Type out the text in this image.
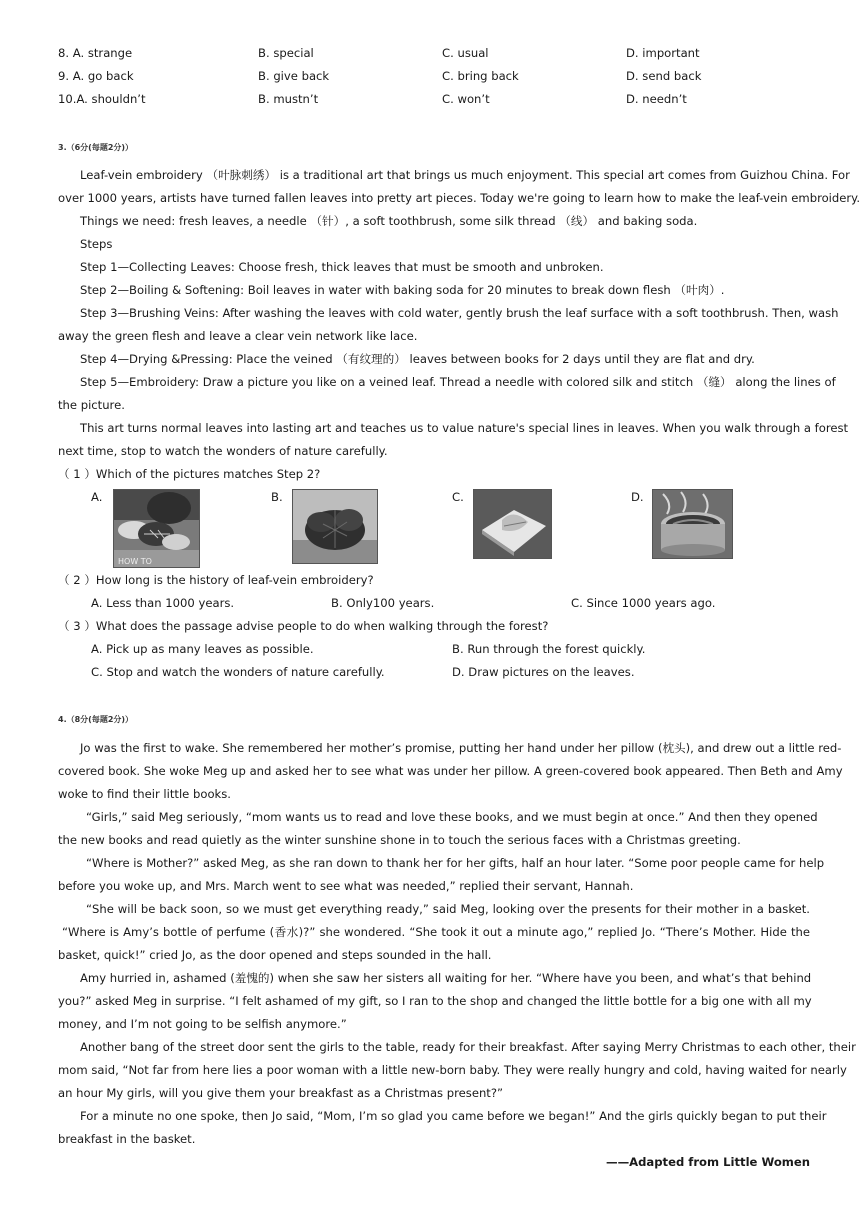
8. A. strange	B. special	C. usual	D. important
9. A. go back	B. give back	C. bring back	D. send back
10.A. shouldn’t	B. mustn’t	C. won’t	D. needn’t
3.（6分(每题2分)）
Leaf-vein embroidery （叶脉刺绣） is a traditional art that brings us much enjoyment. This special art comes from Guizhou China. For
over 1000 years, artists have turned fallen leaves into pretty art pieces. Today we're going to learn how to make the leaf-vein embroidery.
Things we need: fresh leaves, a needle （针）, a soft toothbrush, some silk thread （线） and baking soda.
Steps
Step 1—Collecting Leaves: Choose fresh, thick leaves that must be smooth and unbroken.
Step 2—Boiling & Softening: Boil leaves in water with baking soda for 20 minutes to break down flesh （叶肉）.
Step 3—Brushing Veins: After washing the leaves with cold water, gently brush the leaf surface with a soft toothbrush. Then, wash
away the green flesh and leave a clear vein network like lace.
Step 4—Drying &Pressing: Place the veined （有纹理的） leaves between books for 2 days until they are flat and dry.
Step 5—Embroidery: Draw a picture you like on a veined leaf. Thread a needle with colored silk and stitch （缝） along the lines of
the picture.
This art turns normal leaves into lasting art and teaches us to value nature's special lines in leaves. When you walk through a forest
next time, stop to watch the wonders of nature carefully.
（ 1 ）Which of the pictures matches Step 2?
A.
HOW TO
B.	C.	D.
（ 2 ）How long is the history of leaf-vein embroidery?
A. Less than 1000 years.	B. Only100 years.	C. Since 1000 years ago.
（ 3 ）What does the passage advise people to do when walking through the forest?
A. Pick up as many leaves as possible.	B. Run through the forest quickly.
C. Stop and watch the wonders of nature carefully.	D. Draw pictures on the leaves.
4.（8分(每题2分)）
Jo was the first to wake. She remembered her mother’s promise, putting her hand under her pillow (枕头), and drew out a little red-
covered book. She woke Meg up and asked her to see what was under her pillow. A green-covered book appeared. Then Beth and Amy
woke to find their little books.
“Girls,” said Meg seriously, “mom wants us to read and love these books, and we must begin at once.” And then they opened
the new books and read quietly as the winter sunshine shone in to touch the serious faces with a Christmas greeting.
“Where is Mother?” asked Meg, as she ran down to thank her for her gifts, half an hour later. “Some poor people came for help
before you woke up, and Mrs. March went to see what was needed,” replied their servant, Hannah.
“She will be back soon, so we must get everything ready,” said Meg, looking over the presents for their mother in a basket.
“Where is Amy’s bottle of perfume (香水)?” she wondered. “She took it out a minute ago,” replied Jo. “There’s Mother. Hide the
basket, quick!” cried Jo, as the door opened and steps sounded in the hall.
Amy hurried in, ashamed (羞愧的) when she saw her sisters all waiting for her. “Where have you been, and what’s that behind
you?” asked Meg in surprise. “I felt ashamed of my gift, so I ran to the shop and changed the little bottle for a big one with all my
money, and I’m not going to be selfish anymore.”
Another bang of the street door sent the girls to the table, ready for their breakfast. After saying Merry Christmas to each other, their
mom said, “Not far from here lies a poor woman with a little new-born baby. They were really hungry and cold, having waited for nearly
an hour My girls, will you give them your breakfast as a Christmas present?”
For a minute no one spoke, then Jo said, “Mom, I’m so glad you came before we began!” And the girls quickly began to put their
breakfast in the basket.
——Adapted from Little Women
